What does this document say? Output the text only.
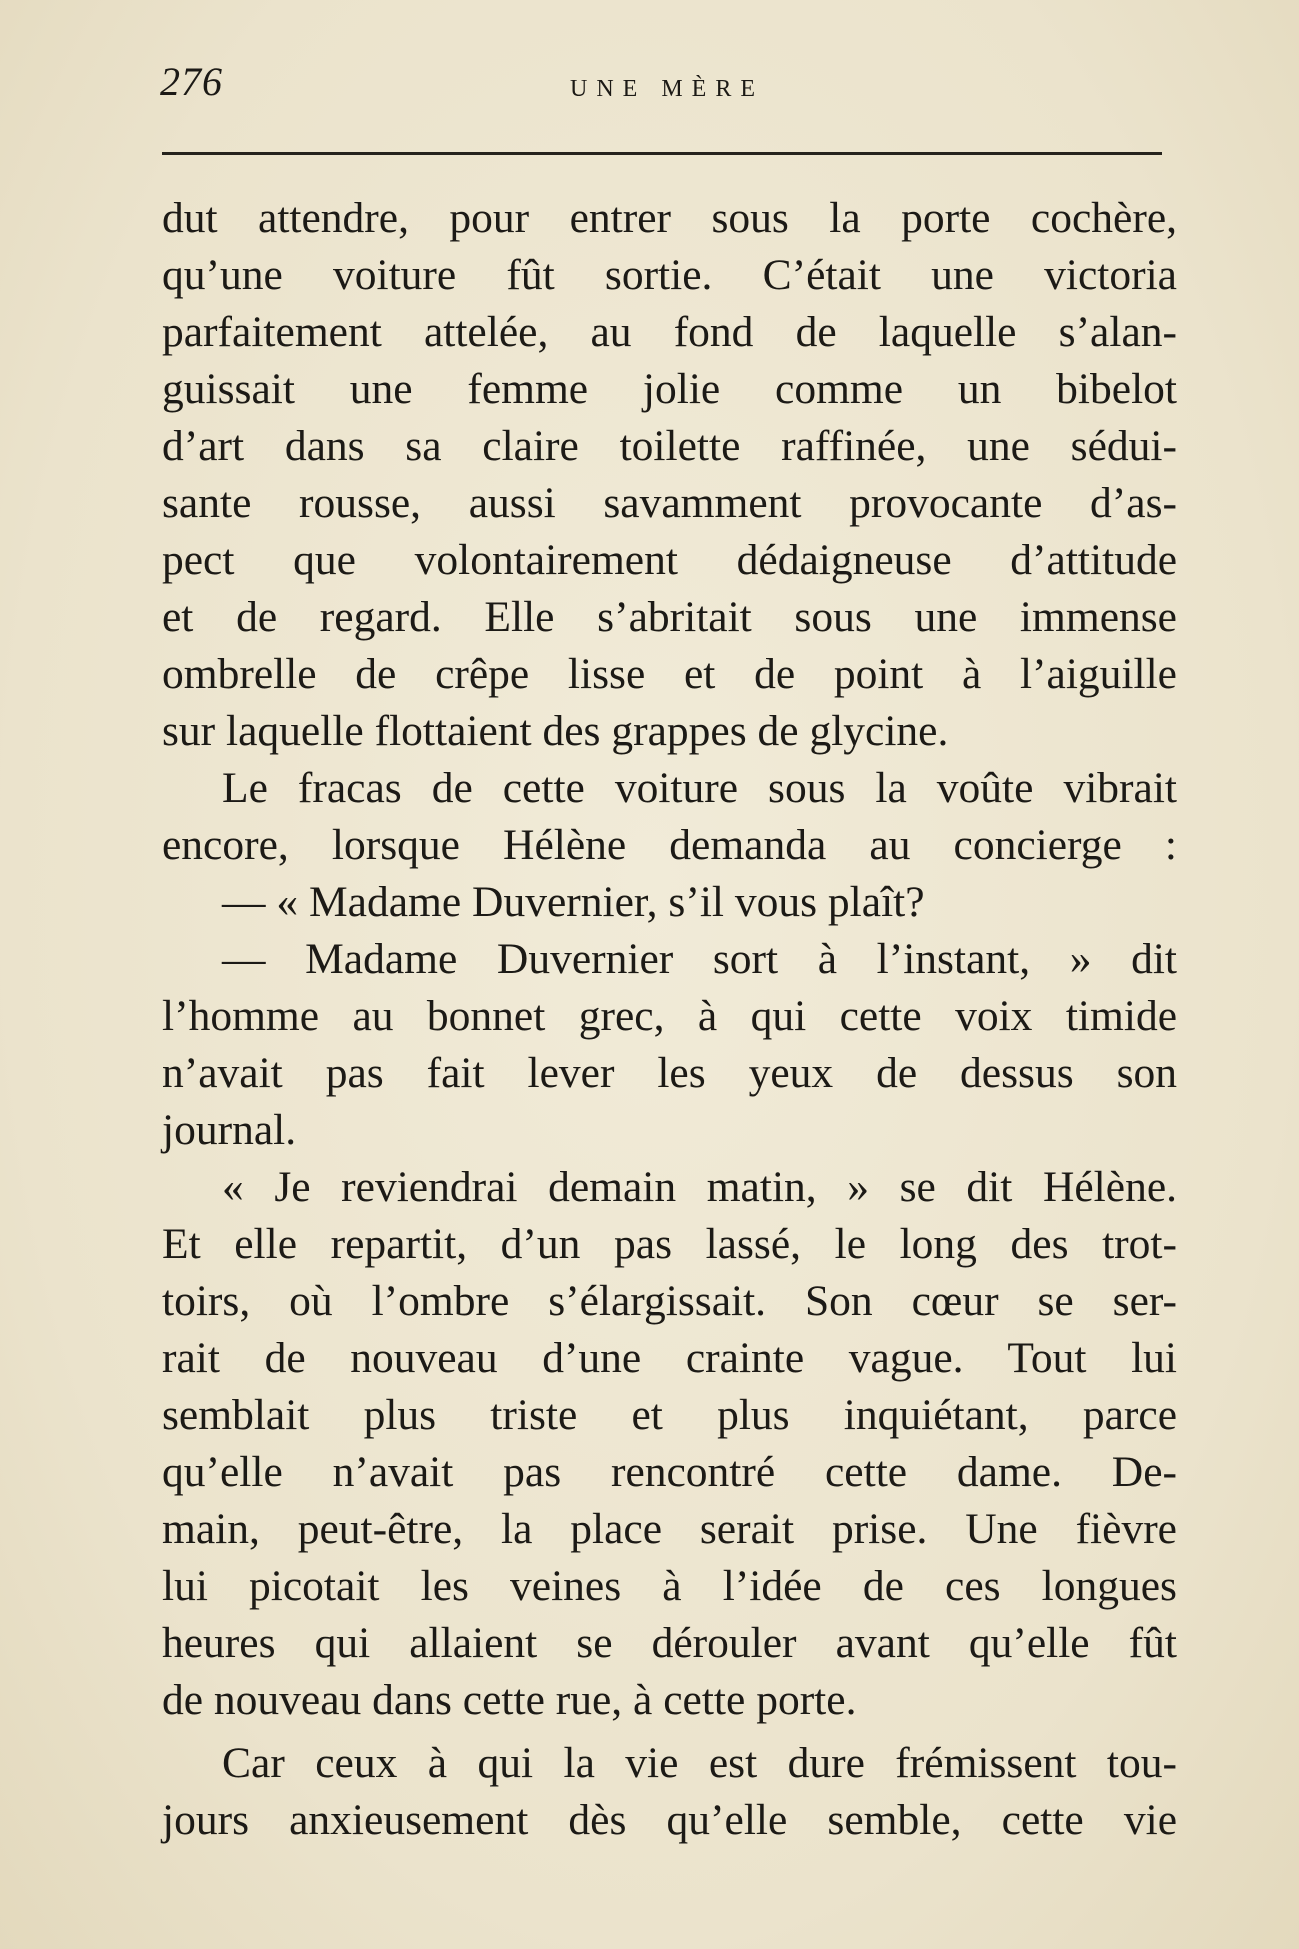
276	UNE MÈRE
dut attendre, pour entrer sous la porte cochère,
qu’une voiture fût sortie. C’était une victoria
parfaitement attelée, au fond de laquelle s’alan-
guissait une femme jolie comme un bibelot
d’art dans sa claire toilette raffinée, une sédui-
sante rousse, aussi savamment provocante d’as-
pect que volontairement dédaigneuse d’attitude
et de regard. Elle s’abritait sous une immense
ombrelle de crêpe lisse et de point à l’aiguille
sur laquelle flottaient des grappes de glycine.
Le fracas de cette voiture sous la voûte vibrait
encore, lorsque Hélène demanda au concierge :
— « Madame Duvernier, s’il vous plaît?
— Madame Duvernier sort à l’instant, » dit
l’homme au bonnet grec, à qui cette voix timide
n’avait pas fait lever les yeux de dessus son
journal.
« Je reviendrai demain matin, » se dit Hélène.
Et elle repartit, d’un pas lassé, le long des trot-
toirs, où l’ombre s’élargissait. Son cœur se ser-
rait de nouveau d’une crainte vague. Tout lui
semblait plus triste et plus inquiétant, parce
qu’elle n’avait pas rencontré cette dame. De-
main, peut-être, la place serait prise. Une fièvre
lui picotait les veines à l’idée de ces longues
heures qui allaient se dérouler avant qu’elle fût
de nouveau dans cette rue, à cette porte.
Car ceux à qui la vie est dure frémissent tou-
jours anxieusement dès qu’elle semble, cette vie
